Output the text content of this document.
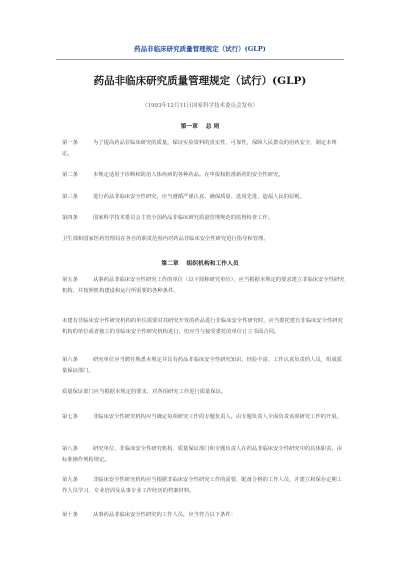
药品非临床研究质量管理规定（试行）(GLP)
药品非临床研究质量管理规定（试行）(GLP)
（1993年12月11日国家科学技术委员会发布）
第一章　 总 则

第一条	为了提高药品非临床研究的质量，保证实验资料的真实性、可靠性，保障人民群众的用药安全，制定本规定。

第二条	本规定适用于诊断和防治人体疾病的各种药品。在申报和批准新药的安全性研究。

第三条	进行药品非临床安全性研究，应当遵循严谨认真、确保质量、选用先进、造福人民的原则。

第四条	国家科学技术委员会主管全国药品非临床研究质量管理规范的监督检查工作。

卫生部和国家医药管理局在各自的职责范围内对药品非临床安全性研究进行指导和管理。

第二章　 组织机构和工作人员

第五条	从事药品非临床安全性研究工作的单位（以下简称研究单位），应当根据本规定的要求建立非临床安全性研究机构，并按照机构建设和运行所需要的各种条件。

未建有非临床安全性研究机构的单位需要对其研究开发的药品进行非临床安全性研究时，应当委托建有非临床安全性研究机构的单位或者独立的非临床安全性研究机构进行，但应当与接受委托的单位订立书面合同。

第六条	研究单位应当聘任熟悉本规定并具有药品非临床安全性研究知识、经验丰富、工作认真负责的人员，组成质量保证部门。

质量保证部门应当根据本规定的要求，对各项研究工作进行质量保证。

第七条	非临床安全性研究机构应当确定每项研究工作的专题负责人，由专题负责人全面负责该项研究工作的开展。

第八条	研究单位、非临床安全性研究机构、质量保证部门和专题负责人在药品非临床安全性研究中的具体职责，由标准操作规程规定。

第九条	非临床安全性研究机构应当根据非临床安全性研究工作的需要，配备合格的工作人员，并建立和保存定期工作人员学习、专业培训及从事专业工作经历的档案材料。

第十条	从事药品非临床安全性研究的工作人员，应当符合以下条件：
